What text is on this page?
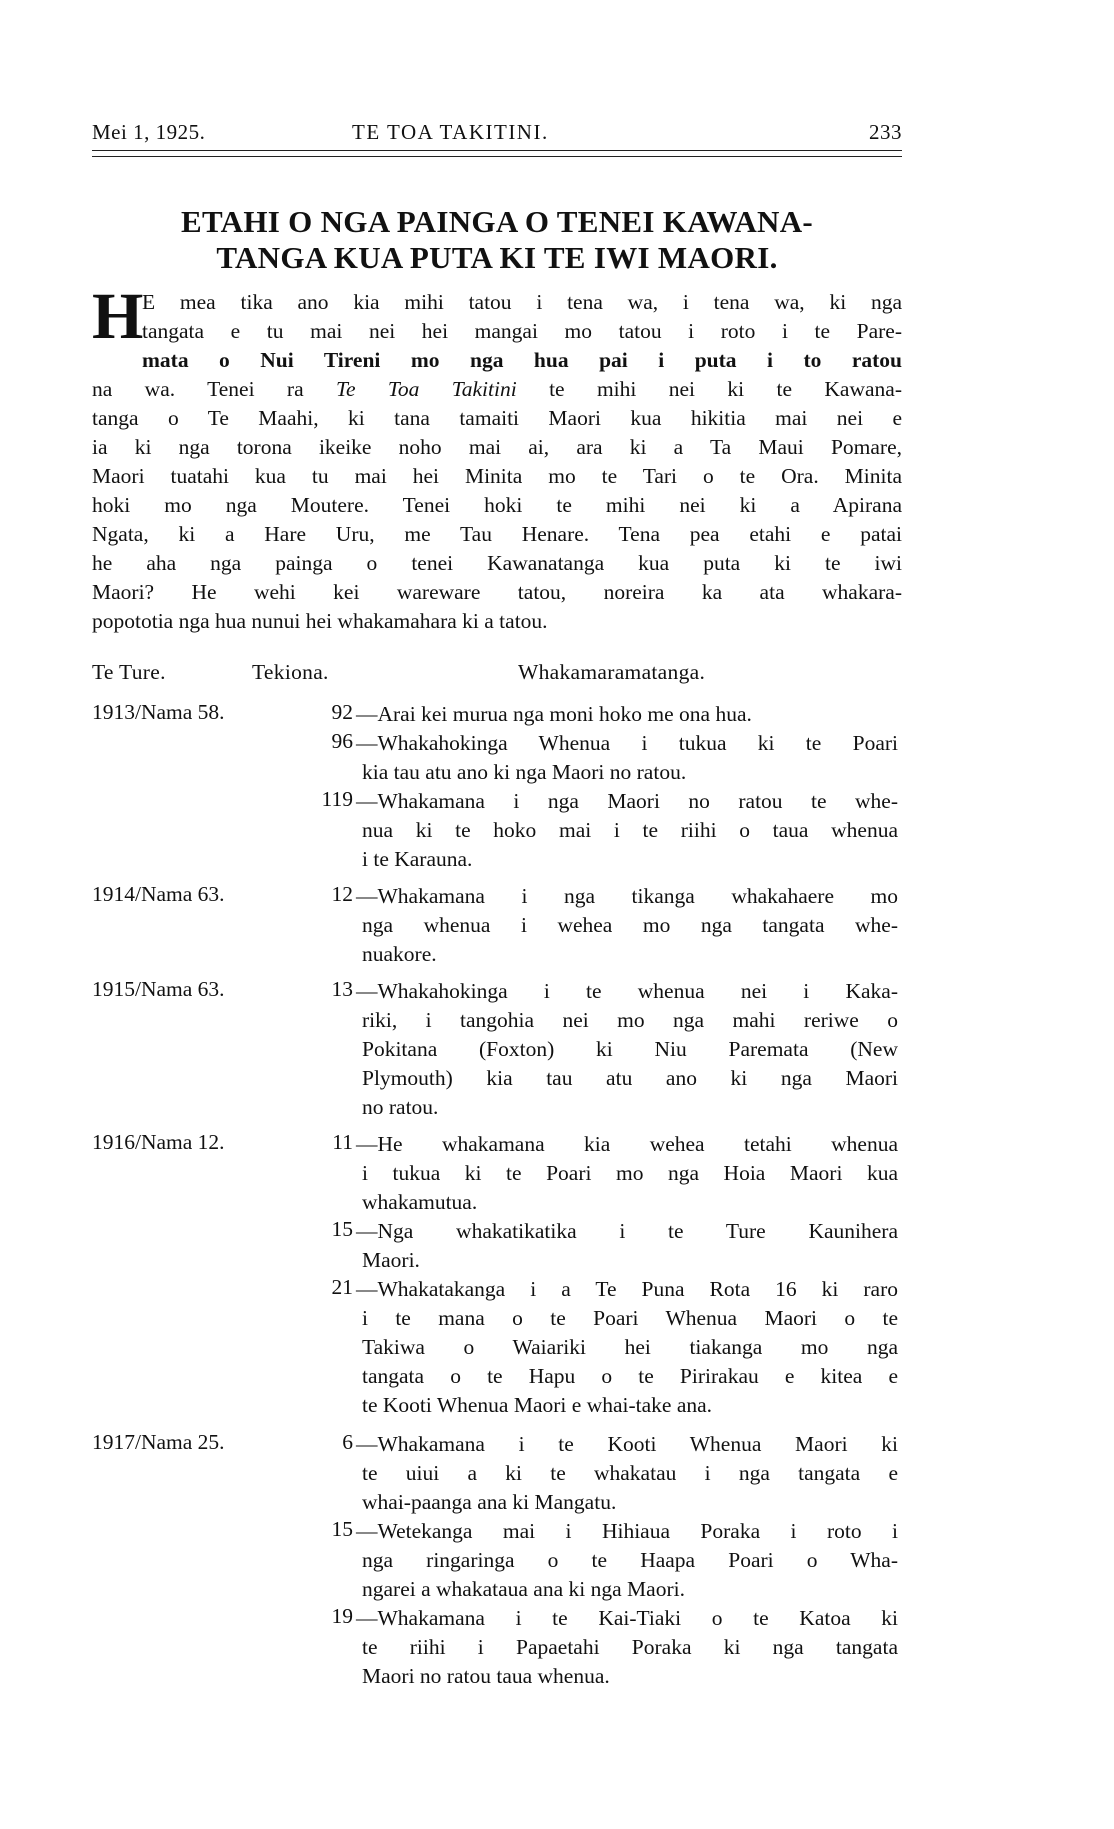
Mei 1, 1925.	TE TOA TAKITINI.	233
ETAHI O NGA PAINGA O TENEI KAWANA-
TANGA KUA PUTA KI TE IWI MAORI.
H
E mea tika ano kia mihi tatou i tena wa, i tena wa, ki nga
tangata e tu mai nei hei mangai mo tatou i roto i te Pare-
mata o Nui Tireni mo nga hua pai i puta i to ratou
na wa. Tenei ra Te Toa Takitini te mihi nei ki te Kawana-
tanga o Te Maahi, ki tana tamaiti Maori kua hikitia mai nei e
ia ki nga torona ikeike noho mai ai, ara ki a Ta Maui Pomare,
Maori tuatahi kua tu mai hei Minita mo te Tari o te Ora. Minita
hoki mo nga Moutere. Tenei hoki te mihi nei ki a Apirana
Ngata, ki a Hare Uru, me Tau Henare. Tena pea etahi e patai
he aha nga painga o tenei Kawanatanga kua puta ki te iwi
Maori? He wehi kei wareware tatou, noreira ka ata whakara-
popototia nga hua nunui hei whakamahara ki a tatou.
Te Ture.	Tekiona.	Whakamaramatanga.
1913/Nama 58.	92 —Arai kei murua nga moni hoko me ona hua.
96 —Whakahokinga Whenua i tukua ki te Poari
kia tau atu ano ki nga Maori no ratou.
119 —Whakamana i nga Maori no ratou te whe-
nua ki te hoko mai i te riihi o taua whenua
i te Karauna.
1914/Nama 63.	12 —Whakamana i nga tikanga whakahaere mo
nga whenua i wehea mo nga tangata whe-
nuakore.
1915/Nama 63.	13 —Whakahokinga i te whenua nei i Kaka-
riki, i tangohia nei mo nga mahi reriwe o
Pokitana (Foxton) ki Niu Paremata (New
Plymouth) kia tau atu ano ki nga Maori
no ratou.
1916/Nama 12.	11 —He whakamana kia wehea tetahi whenua
i tukua ki te Poari mo nga Hoia Maori kua
whakamutua.
15 —Nga whakatikatika i te Ture Kaunihera
Maori.
21 —Whakatakanga i a Te Puna Rota 16 ki raro
i te mana o te Poari Whenua Maori o te
Takiwa o Waiariki hei tiakanga mo nga
tangata o te Hapu o te Pirirakau e kitea e
te Kooti Whenua Maori e whai-take ana.
1917/Nama 25.	6 —Whakamana i te Kooti Whenua Maori ki
te uiui a ki te whakatau i nga tangata e
whai-paanga ana ki Mangatu.
15 —Wetekanga mai i Hihiaua Poraka i roto i
nga ringaringa o te Haapa Poari o Wha-
ngarei a whakataua ana ki nga Maori.
19 —Whakamana i te Kai-Tiaki o te Katoa ki
te riihi i Papaetahi Poraka ki nga tangata
Maori no ratou taua whenua.
